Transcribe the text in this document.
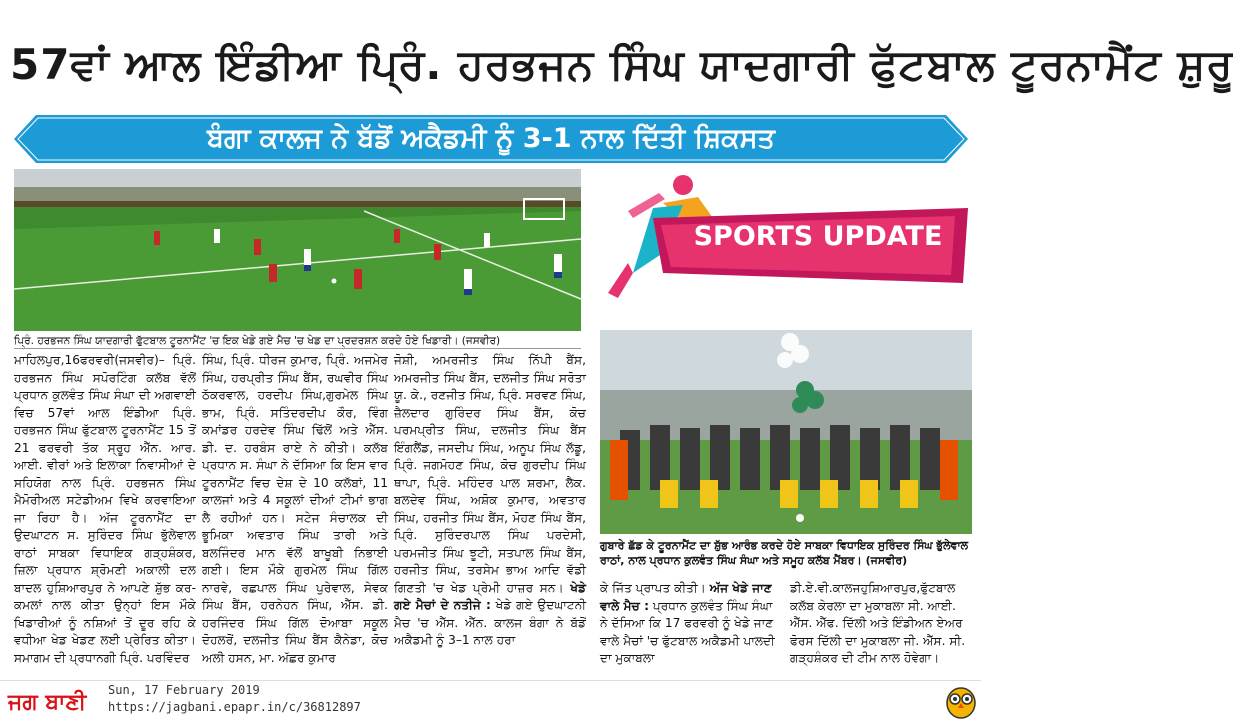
57ਵਾਂ ਆਲ ਇੰਡੀਆ ਪ੍ਰਿੰ. ਹਰਭਜਨ ਸਿੰਘ ਯਾਦਗਾਰੀ ਫੁੱਟਬਾਲ ਟੂਰਨਾਮੈਂਟ ਸ਼ੁਰੂ
ਬੰਗਾ ਕਾਲਜ ਨੇ ਬੱਡੋਂ ਅਕੈਡਮੀ ਨੂੰ 3-1 ਨਾਲ ਦਿੱਤੀ ਸ਼ਿਕਸਤ
SPORTS UPDATE
ਪ੍ਰਿੰ. ਹਰਭਜਨ ਸਿੰਘ ਯਾਦਗਾਰੀ ਫੁੱਟਬਾਲ ਟੂਰਨਾਮੈਂਟ 'ਚ ਇਕ ਖੇਡੇ ਗਏ ਮੈਚ 'ਚ ਖੇਡ ਦਾ ਪ੍ਰਦਰਸ਼ਨ ਕਰਦੇ ਹੋਏ ਖਿਡਾਰੀ। (ਜਸਵੀਰ)
ਮਾਹਿਲਪੁਰ,16ਫਰਵਰੀ(ਜਸਵੀਰ)– ਪ੍ਰਿੰ. ਹਰਭਜਨ ਸਿੰਘ ਸਪੋਰਟਿੰਗ ਕਲੱਬ ਵੱਲੋਂ ਪ੍ਰਧਾਨ ਕੁਲਵੰਤ ਸਿੰਘ ਸੰਘਾ ਦੀ ਅਗਵਾਈ ਵਿਚ 57ਵਾਂ ਆਲ ਇੰਡੀਆ ਪ੍ਰਿੰ. ਹਰਭਜਨ ਸਿੰਘ ਫੁੱਟਬਾਲ ਟੂਰਨਾਮੈਂਟ 15 ਤੋਂ 21 ਫਰਵਰੀ ਤੱਕ ਸ੍ਰੂਹ ਐੱਨ. ਆਰ. ਆਈ. ਵੀਰਾਂ ਅਤੇ ਇਲਾਕਾ ਨਿਵਾਸੀਆਂ ਦੇ ਸਹਿਯੋਗ ਨਾਲ ਪ੍ਰਿੰ. ਹਰਭਜਨ ਸਿੰਘ ਮੈਮੋਰੀਅਲ ਸਟੇਡੀਅਮ ਵਿਖੇ ਕਰਵਾਇਆ ਜਾ ਰਿਹਾ ਹੈ। ਅੱਜ ਟੂਰਨਾਮੈਂਟ ਦਾ ਉਦਘਾਟਨ ਸ. ਸੁਰਿੰਦਰ ਸਿੰਘ ਭੁੱਲੇਵਾਲ ਰਾਠਾਂ ਸਾਬਕਾ ਵਿਧਾਇਕ ਗੜ੍ਹਸ਼ੰਕਰ, ਜ਼ਿਲਾ ਪ੍ਰਧਾਨ ਸ਼੍ਰੋਮਣੀ ਅਕਾਲੀ ਦਲ ਬਾਦਲ ਹੁਸ਼ਿਆਰਪੁਰ ਨੇ ਆਪਣੇ ਸ਼ੁੱਭ ਕਰ-ਕਮਲਾਂ ਨਾਲ ਕੀਤਾ ਉਨ੍ਹਾਂ ਇਸ ਮੌਕੇ ਖਿਡਾਰੀਆਂ ਨੂੰ ਨਸ਼ਿਆਂ ਤੋਂ ਦੂਰ ਰਹਿ ਕੇ ਵਧੀਆ ਖੇਡ ਖੇਡਣ ਲਈ ਪ੍ਰੇਰਿਤ ਕੀਤਾ। ਸਮਾਗਮ ਦੀ ਪ੍ਰਧਾਨਗੀ ਪ੍ਰਿੰ. ਪਰਵਿੰਦਰ
ਸਿੰਘ, ਪ੍ਰਿੰ. ਧੀਰਜ ਕੁਮਾਰ, ਪ੍ਰਿੰ. ਅਜਮੇਰ ਸਿੰਘ, ਹਰਪ੍ਰੀਤ ਸਿੰਘ ਬੈਂਸ, ਰਘਵੀਰ ਸਿੰਘ ਠੱਕਰਵਾਲ, ਹਰਦੀਪ ਸਿੰਘ,ਗੁਰਮੇਲ ਸਿੰਘ ਭਾਮ, ਪ੍ਰਿੰ. ਸਤਿੰਦਰਦੀਪ ਕੌਰ, ਵਿੰਗ ਕਮਾਂਡਰ ਹਰਦੇਵ ਸਿੰਘ ਢਿੱਲੋਂ ਅਤੇ ਐੱਸ. ਡੀ. ਦ. ਹਰਬੰਸ ਰਾਏ ਨੇ ਕੀਤੀ। ਕਲੱਬ ਪ੍ਰਧਾਨ ਸ. ਸੰਘਾ ਨੇ ਦੱਸਿਆ ਕਿ ਇਸ ਵਾਰ ਟੂਰਨਾਮੈਂਟ ਵਿਚ ਦੇਸ਼ ਦੇ 10 ਕਲੱਬਾਂ, 11 ਕਾਲਜਾਂ ਅਤੇ 4 ਸਕੂਲਾਂ ਦੀਆਂ ਟੀਮਾਂ ਭਾਗ ਲੈ ਰਹੀਆਂ ਹਨ। ਸਟੇਜ ਸੰਚਾਲਕ ਦੀ ਭੂਮਿਕਾ ਅਵਤਾਰ ਸਿੰਘ ਤਾਰੀ ਅਤੇ ਬਲਜਿੰਦਰ ਮਾਨ ਵੱਲੋਂ ਬਾਖੂਬੀ ਨਿਭਾਈ ਗਈ। ਇਸ ਮੌਕੇ ਗੁਰਮੇਲ ਸਿੰਘ ਗਿੱਲ ਨਾਰਵੇ, ਰਛਪਾਲ ਸਿੰਘ ਪੁਰੇਵਾਲ, ਸੇਵਕ ਸਿੰਘ ਬੈਂਸ, ਹਰਨੇਹਨ ਸਿੰਘ, ਐੱਸ. ਡੀ. ਹਰਜਿੰਦਰ ਸਿੰਘ ਗਿੱਲ ਦੋਆਬਾ ਸਕੂਲ ਦੋਹਲਰੋਂ, ਦਲਜੀਤ ਸਿੰਘ ਬੈਂਸ ਕੈਨੇਡਾ, ਕੋਚ ਅਲੀ ਹਸਨ, ਮਾ. ਅੱਛਰ ਕੁਮਾਰ
ਜੋਸ਼ੀ, ਅਮਰਜੀਤ ਸਿੰਘ ਨਿੱਪੀ ਬੈਂਸ, ਅਮਰਜੀਤ ਸਿੰਘ ਬੈਂਸ, ਦਲਜੀਤ ਸਿੰਘ ਸਰੋਤਾ ਯੂ. ਕੇ., ਰਣਜੀਤ ਸਿੰਘ, ਪ੍ਰਿੰ. ਸਰਵਣ ਸਿੰਘ, ਜ਼ੈਲਦਾਰ ਗੁਰਿੰਦਰ ਸਿੰਘ ਬੈਂਸ, ਕੋਚ ਪਰਮਪ੍ਰੀਤ ਸਿੰਘ, ਦਲਜੀਤ ਸਿੰਘ ਬੈਂਸ ਇੰਗਲੈਂਡ, ਜਸਦੀਪ ਸਿੰਘ, ਅਨੂਪ ਸਿੰਘ ਲੱਡੂ, ਪ੍ਰਿੰ. ਜਗਮੋਹਣ ਸਿੰਘ, ਕੋਚ ਗੁਰਦੀਪ ਸਿੰਘ ਥਾਪਾ, ਪ੍ਰਿੰ. ਮਹਿੰਦਰ ਪਾਲ ਸ਼ਰਮਾ, ਲੈਕ. ਬਲਦੇਵ ਸਿੰਘ, ਅਸ਼ੋਕ ਕੁਮਾਰ, ਅਵਤਾਰ ਸਿੰਘ, ਹਰਜੀਤ ਸਿੰਘ ਬੈਂਸ, ਮੋਹਣ ਸਿੰਘ ਬੈਂਸ, ਪ੍ਰਿੰ. ਸੁਰਿੰਦਰਪਾਲ ਸਿੰਘ ਪਰਦੇਸੀ, ਪਰਮਜੀਤ ਸਿੰਘ ਝੂਟੀ, ਸਤਪਾਲ ਸਿੰਘ ਬੈਂਸ, ਹਰਜੀਤ ਸਿੰਘ, ਤਰਸੇਮ ਭਾਅ ਆਦਿ ਵੱਡੀ ਗਿਣਤੀ 'ਚ ਖੇਡ ਪ੍ਰੇਮੀ ਹਾਜ਼ਰ ਸਨ। ਖੇਡੇ ਗਏ ਮੈਚਾਂ ਦੇ ਨਤੀਜੇ : ਖੇਡੇ ਗਏ ਉਦਘਾਟਨੀ ਮੈਚ 'ਚ ਐੱਸ. ਐੱਨ. ਕਾਲਜ ਬੰਗਾ ਨੇ ਬੱਡੋਂ ਅਕੈਡਮੀ ਨੂੰ 3–1 ਨਾਲ ਹਰਾ
ਗੁਬਾਰੇ ਛੱਡ ਕੇ ਟੂਰਨਾਮੈਂਟ ਦਾ ਸ਼ੁੱਭ ਆਰੰਭ ਕਰਦੇ ਹੋਏ ਸਾਬਕਾ ਵਿਧਾਇਕ ਸੁਰਿੰਦਰ ਸਿੰਘ ਭੁੱਲੇਵਾਲ ਰਾਠਾਂ, ਨਾਲ ਪ੍ਰਧਾਨ ਕੁਲਵੰਤ ਸਿੰਘ ਸੰਘਾ ਅਤੇ ਸਮੂਹ ਕਲੱਬ ਮੈਂਬਰ। (ਜਸਵੀਰ)
ਕੇ ਜਿੱਤ ਪ੍ਰਾਪਤ ਕੀਤੀ। ਅੱਜ ਖੇਡੇ ਜਾਣ ਵਾਲੇ ਮੈਚ : ਪ੍ਰਧਾਨ ਕੁਲਵੰਤ ਸਿੰਘ ਸੰਘਾ ਨੇ ਦੱਸਿਆ ਕਿ 17 ਫਰਵਰੀ ਨੂੰ ਖੇਡੇ ਜਾਣ ਵਾਲੇ ਮੈਚਾਂ 'ਚ ਫੁੱਟਬਾਲ ਅਕੈਡਮੀ ਪਾਲਦੀ ਦਾ ਮੁਕਾਬਲਾ
ਡੀ.ਏ.ਵੀ.ਕਾਲਜਹੁਸ਼ਿਆਰਪੁਰ,ਫੁੱਟਬਾਲ ਕਲੱਬ ਕੇਰਲਾ ਦਾ ਮੁਕਾਬਲਾ ਸੀ. ਆਈ. ਐੱਸ. ਐੱਫ. ਦਿੱਲੀ ਅਤੇ ਇੰਡੀਅਨ ਏਅਰ ਫੋਰਸ ਦਿੱਲੀ ਦਾ ਮੁਕਾਬਲਾ ਜੀ. ਐੱਸ. ਸੀ. ਗੜ੍ਹਸ਼ੰਕਰ ਦੀ ਟੀਮ ਨਾਲ ਹੋਵੇਗਾ।
ਜਗ ਬਾਣੀ Sun, 17 February 2019
https://jagbani.epapr.in/c/36812897
